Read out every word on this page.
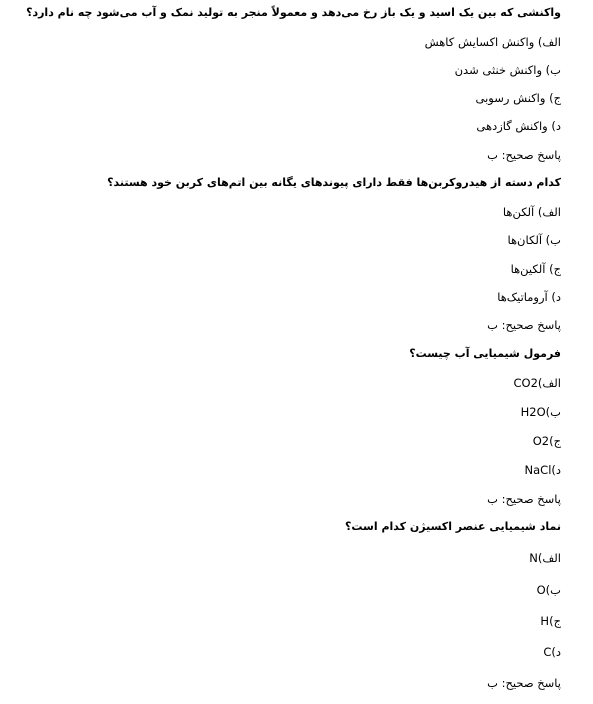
واکنشی که بین یک اسید و یک باز رخ می‌دهد و معمولاً منجر به تولید نمک و آب می‌شود چه نام دارد؟
الف) واکنش اکسایش کاهش
ب) واکنش خنثی شدن
ج) واکنش رسوبی
د) واکنش گازدهی
پاسخ صحیح: ب
کدام دسته از هیدروکربن‌ها فقط دارای پیوندهای یگانه بین اتم‌های کربن خود هستند؟
الف) آلکن‌ها
ب) آلکان‌ها
ج) آلکین‌ها
د) آروماتیک‌ها
پاسخ صحیح: ب
فرمول شیمیایی آب چیست؟
الف)CO2
ب)H2O
ج)O2
د)NaCl
پاسخ صحیح: ب
نماد شیمیایی عنصر اکسیژن کدام است؟
الف)N
ب)O
ج)H
د)C
پاسخ صحیح: ب
